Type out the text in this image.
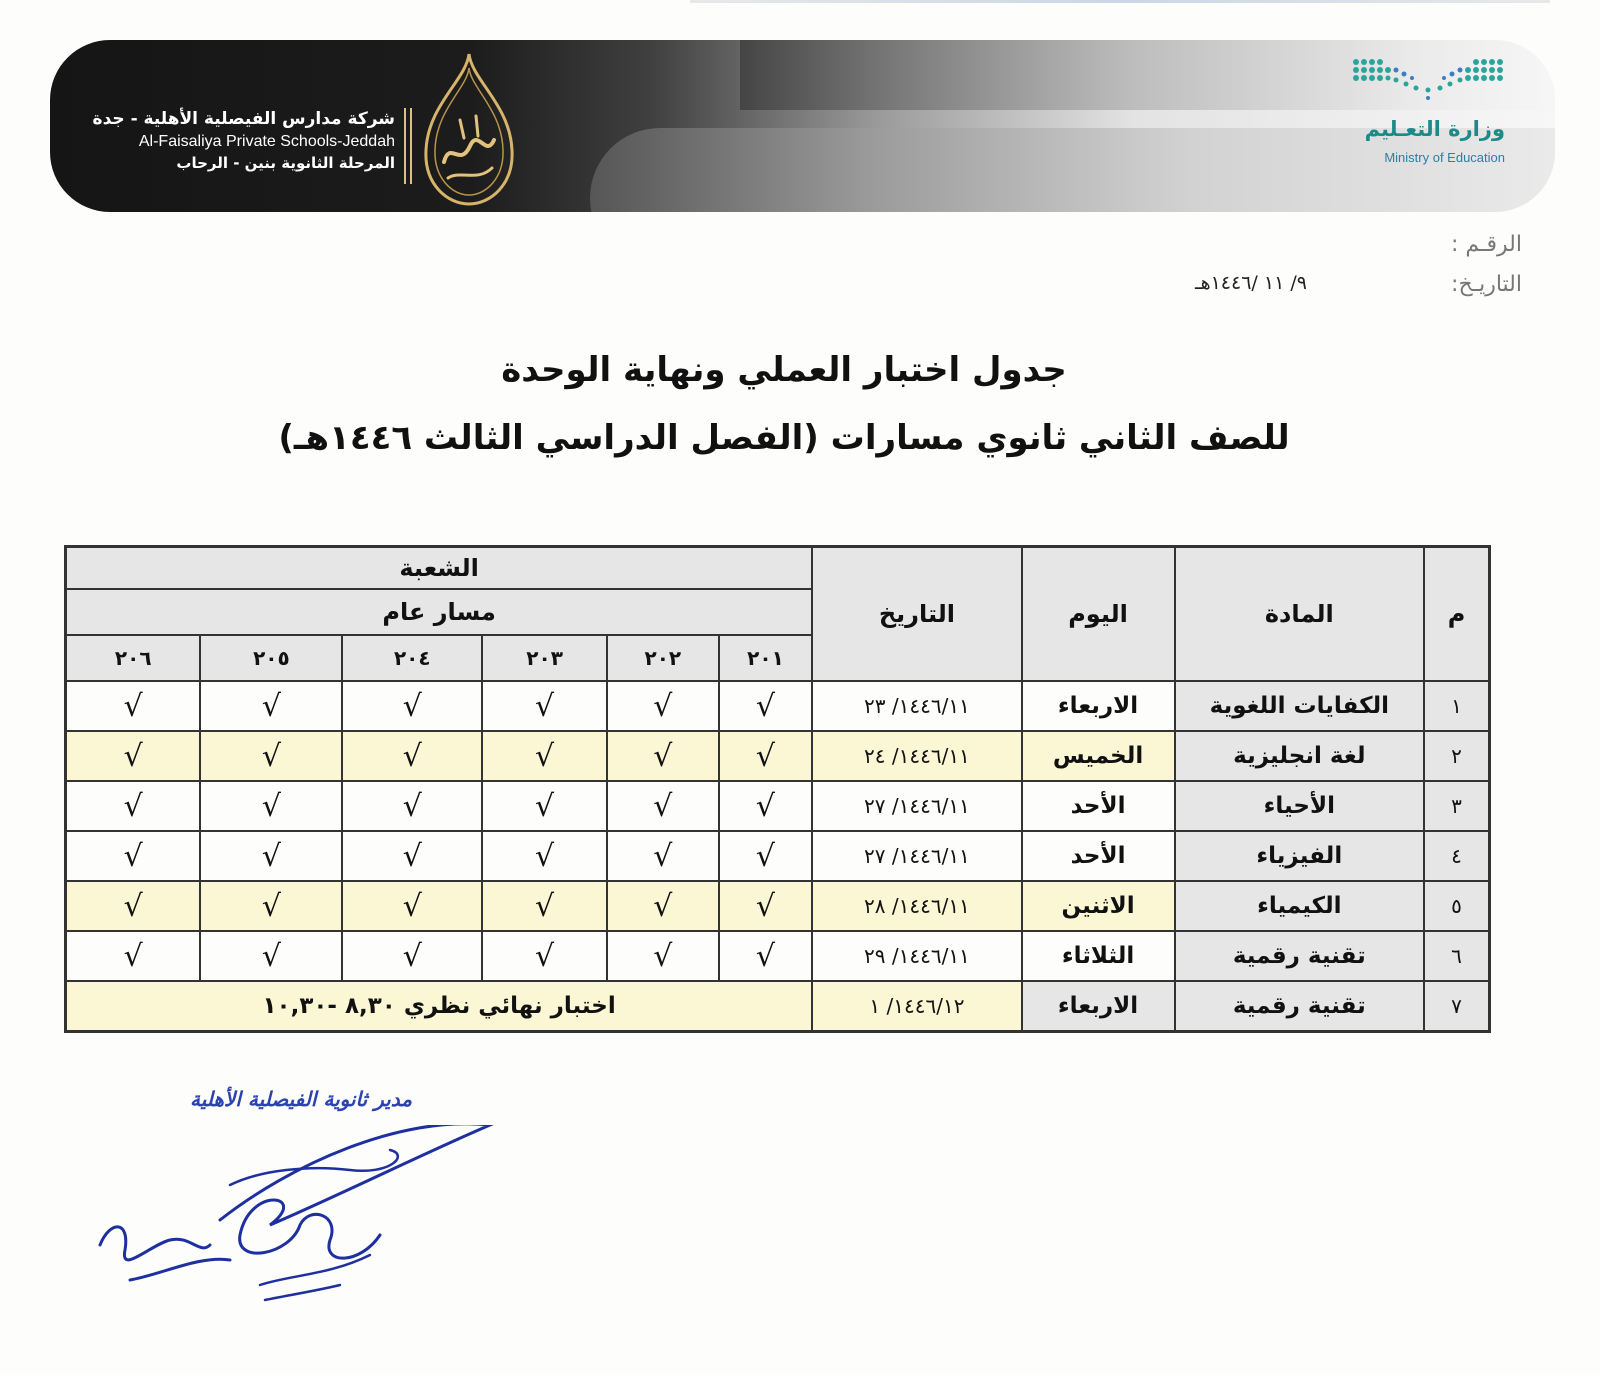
شركة مدارس الفيصلية الأهلية - جدة
Al-Faisaliya Private Schools-Jeddah
المرحلة الثانوية بنين - الرحاب
وزارة التعـليم
Ministry of Education
الرقـم :
التاريـخ:
٩/ ١١ /١٤٤٦هـ
جدول اختبار العملي ونهاية الوحدة
للصف الثاني ثانوي مسارات (الفصل الدراسي الثالث ١٤٤٦هـ)
م	المادة	اليوم	التاريخ	الشعبة					
				مسار عام					
				٢٠١	٢٠٢	٢٠٣	٢٠٤	٢٠٥	٢٠٦
١	الكفايات اللغوية	الاربعاء	١٤٤٦/١١/ ٢٣	√	√	√	√	√	√
٢	لغة انجليزية	الخميس	١٤٤٦/١١/ ٢٤	√	√	√	√	√	√
٣	الأحياء	الأحد	١٤٤٦/١١/ ٢٧	√	√	√	√	√	√
٤	الفيزياء	الأحد	١٤٤٦/١١/ ٢٧	√	√	√	√	√	√
٥	الكيمياء	الاثنين	١٤٤٦/١١/ ٢٨	√	√	√	√	√	√
٦	تقنية رقمية	الثلاثاء	١٤٤٦/١١/ ٢٩	√	√	√	√	√	√
٧	تقنية رقمية	الاربعاء	١٤٤٦/١٢/ ١	اختبار نهائي نظري ٨,٣٠ -١٠,٣٠					
مدير ثانوية الفيصلية الأهلية
